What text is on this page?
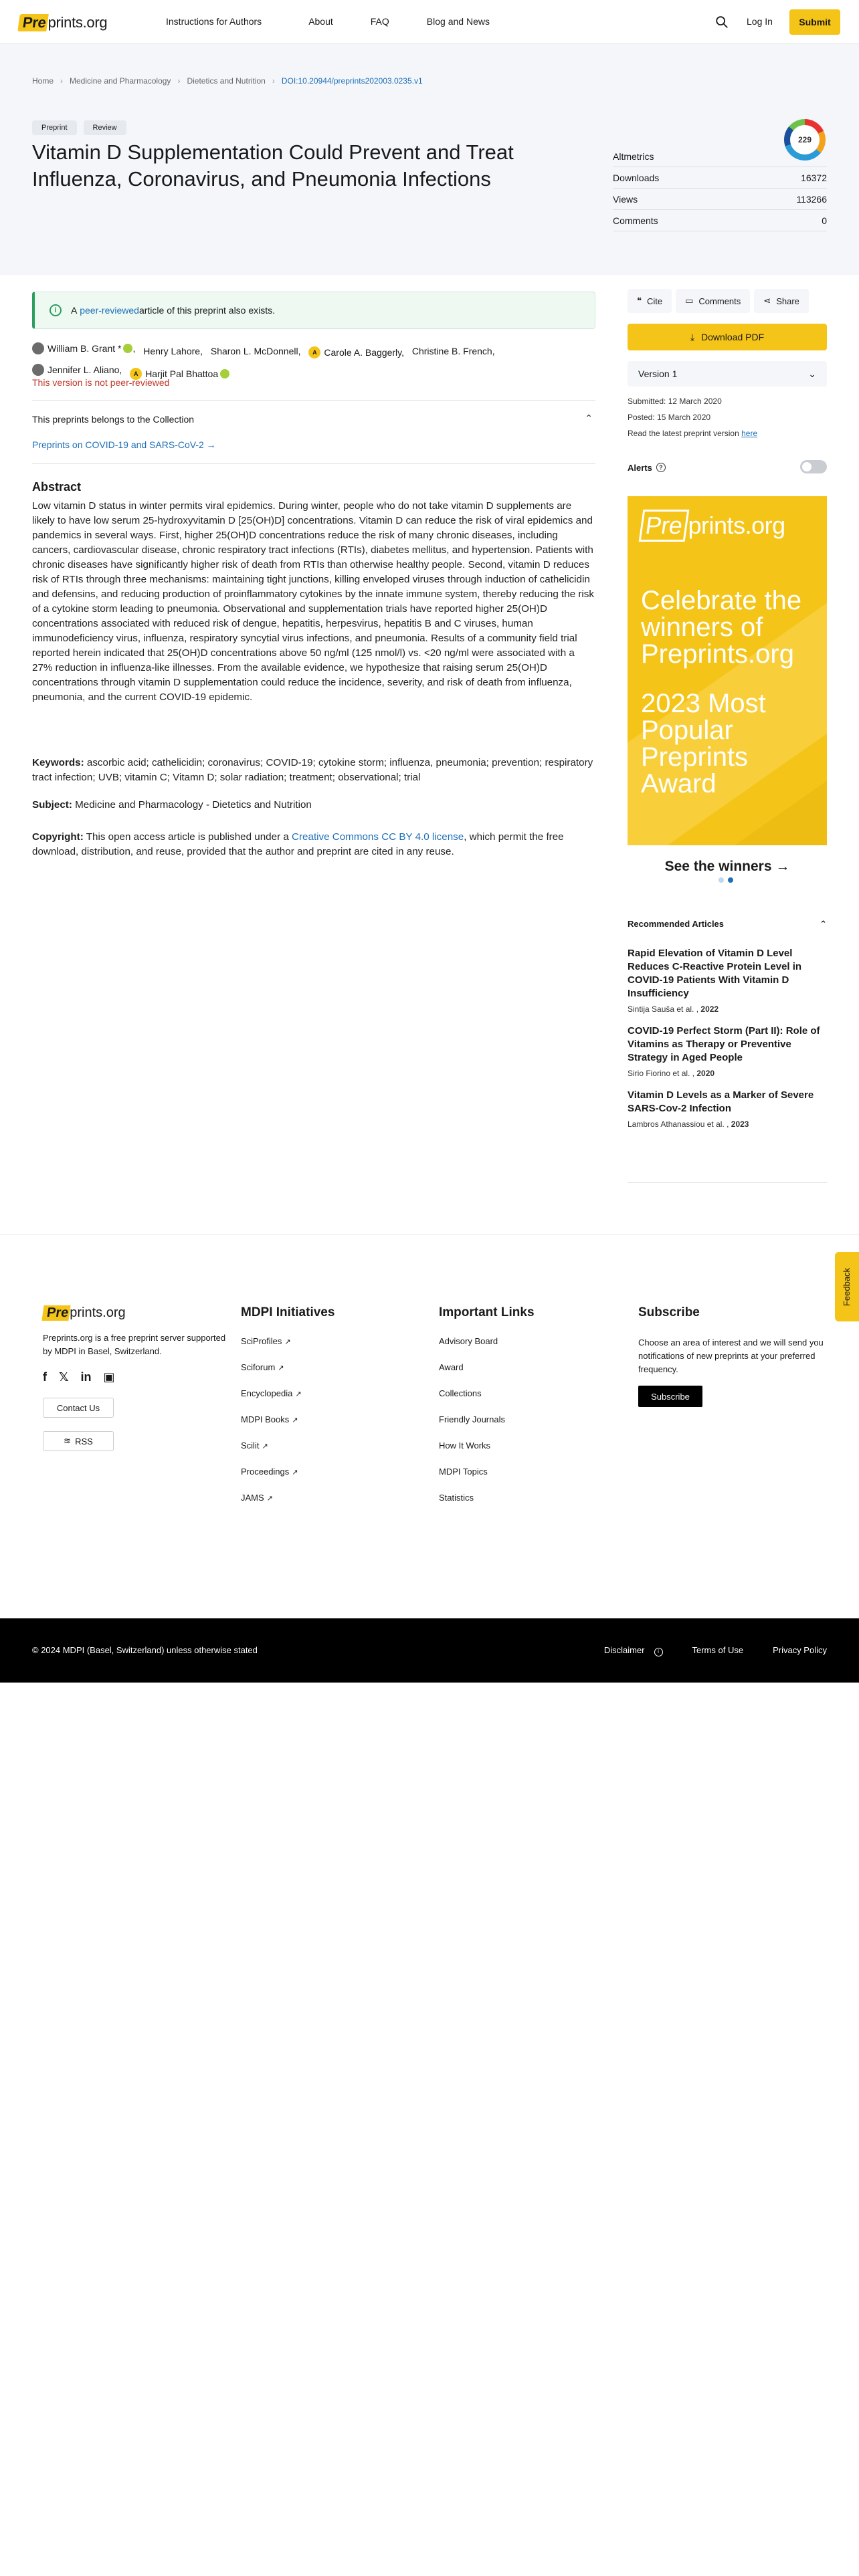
Pre prints.org	Instructions for Authors	About	FAQ	Blog and News	Log In	Submit
Home › Medicine and Pharmacology › Dietetics and Nutrition › DOI:10.20944/preprints202003.0235.v1
Preprint	Review
Vitamin D Supplementation Could Prevent and Treat Influenza, Coronavirus, and Pneumonia Infections
229
Altmetrics
Downloads	16372
Views	113266
Comments	0
i	A
peer-reviewed article of this preprint also exists.
William B. Grant * , Henry Lahore,
Sharon L. McDonnell,
	A Carole A. Baggerly,
Christine B. French,

Jennifer L. Aliano,
	A Harjit Pal Bhattoa
This version is not peer-reviewed
This preprints belongs to the Collection	⌃
Preprints on COVID-19 and SARS-CoV-2 →
Abstract

Low vitamin D status in winter permits viral epidemics. During winter, people who do not take vitamin D supplements are likely to have low serum 25-hydroxyvitamin D [25(OH)D] concentrations. Vitamin D can reduce the risk of viral epidemics and pandemics in several ways. First, higher 25(OH)D concentrations reduce the risk of many chronic diseases, including cancers, cardiovascular disease, chronic respiratory tract infections (RTIs), diabetes mellitus, and hypertension. Patients with chronic diseases have significantly higher risk of death from RTIs than otherwise healthy people. Second, vitamin D reduces risk of RTIs through three mechanisms: maintaining tight junctions, killing enveloped viruses through induction of cathelicidin and defensins, and reducing production of proinflammatory cytokines by the innate immune system, thereby reducing the risk of a cytokine storm leading to pneumonia. Observational and supplementation trials have reported higher 25(OH)D concentrations associated with reduced risk of dengue, hepatitis, herpesvirus, hepatitis B and C viruses, human immunodeficiency virus, influenza, respiratory syncytial virus infections, and pneumonia. Results of a community field trial reported herein indicated that 25(OH)D concentrations above 50 ng/ml (125 nmol/l) vs. <20 ng/ml were associated with a 27% reduction in influenza-like illnesses. From the available evidence, we hypothesize that raising serum 25(OH)D concentrations through vitamin D supplementation could reduce the incidence, severity, and risk of death from influenza, pneumonia, and the current COVID-19 epidemic.

Keywords: ascorbic acid; cathelicidin; coronavirus; COVID-19; cytokine storm; influenza, pneumonia; prevention; respiratory tract infection; UVB; vitamin C; Vitamn D; solar radiation; treatment; observational; trial

Subject: Medicine and Pharmacology - Dietetics and Nutrition

Copyright: This open access article is published under a Creative Commons CC BY 4.0 license, which permit the free download, distribution, and reuse, provided that the author and preprint are cited in any reuse.

❝ Cite	▭ Comments	⋖ Share
⤓ Download PDF
Version 1	⌄
Submitted: 12 March 2020
Posted: 15 March 2020
Read the latest preprint version here
Alerts	?
Pre prints.org
Celebrate the winners of Preprints.org
2023 Most Popular Preprints Award
See the winners →
Recommended Articles	⌃
Rapid Elevation of Vitamin D Level Reduces C-Reactive Protein Level in COVID-19 Patients With Vitamin D Insufficiency
Sintija Sauša et al. , 2022
COVID-19 Perfect Storm (Part II): Role of Vitamins as Therapy or Preventive Strategy in Aged People
Sirio Fiorino et al. , 2020
Vitamin D Levels as a Marker of Severe SARS-Cov-2 Infection
Lambros Athanassiou et al. , 2023
Feedback
Pre prints.org
Preprints.org is a free preprint server supported by MDPI in Basel, Switzerland.
f 𝕏 in ▣
Contact Us
≋ RSS
MDPI Initiatives
SciProfiles ↗
Sciforum ↗
Encyclopedia ↗
MDPI Books ↗
Scilit ↗
Proceedings ↗
JAMS ↗
Important Links
Advisory Board
Award
Collections
Friendly Journals
How It Works
MDPI Topics
Statistics
Subscribe
Choose an area of interest and we will send you notifications of new preprints at your preferred frequency.
Subscribe
© 2024 MDPI (Basel, Switzerland) unless otherwise stated	Disclaimer i	Terms of Use	Privacy Policy
